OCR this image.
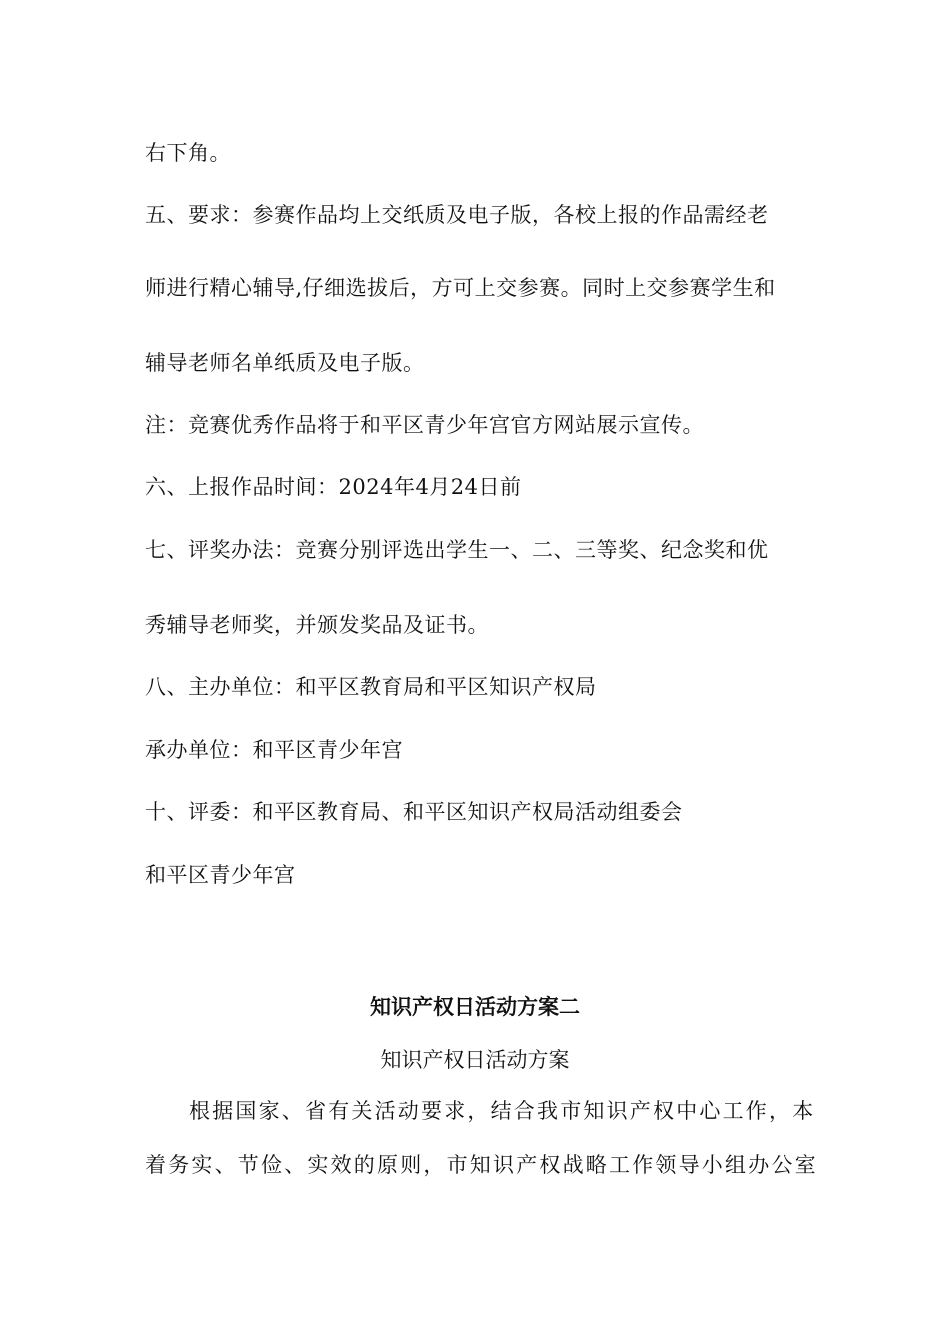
右下角。
五、要求：参赛作品均上交纸质及电子版，各校上报的作品需经老
师进行精心辅导,仔细选拔后，方可上交参赛。同时上交参赛学生和
辅导老师名单纸质及电子版。
注：竞赛优秀作品将于和平区青少年宫官方网站展示宣传。
六、上报作品时间：2024年4月24日前
七、评奖办法：竞赛分别评选出学生一、二、三等奖、纪念奖和优
秀辅导老师奖，并颁发奖品及证书。
八、主办单位：和平区教育局和平区知识产权局
承办单位：和平区青少年宫
十、评委：和平区教育局、和平区知识产权局活动组委会
和平区青少年宫
知识产权日活动方案二
知识产权日活动方案
根据国家、省有关活动要求，结合我市知识产权中心工作，本
着务实、节俭、实效的原则，市知识产权战略工作领导小组办公室
